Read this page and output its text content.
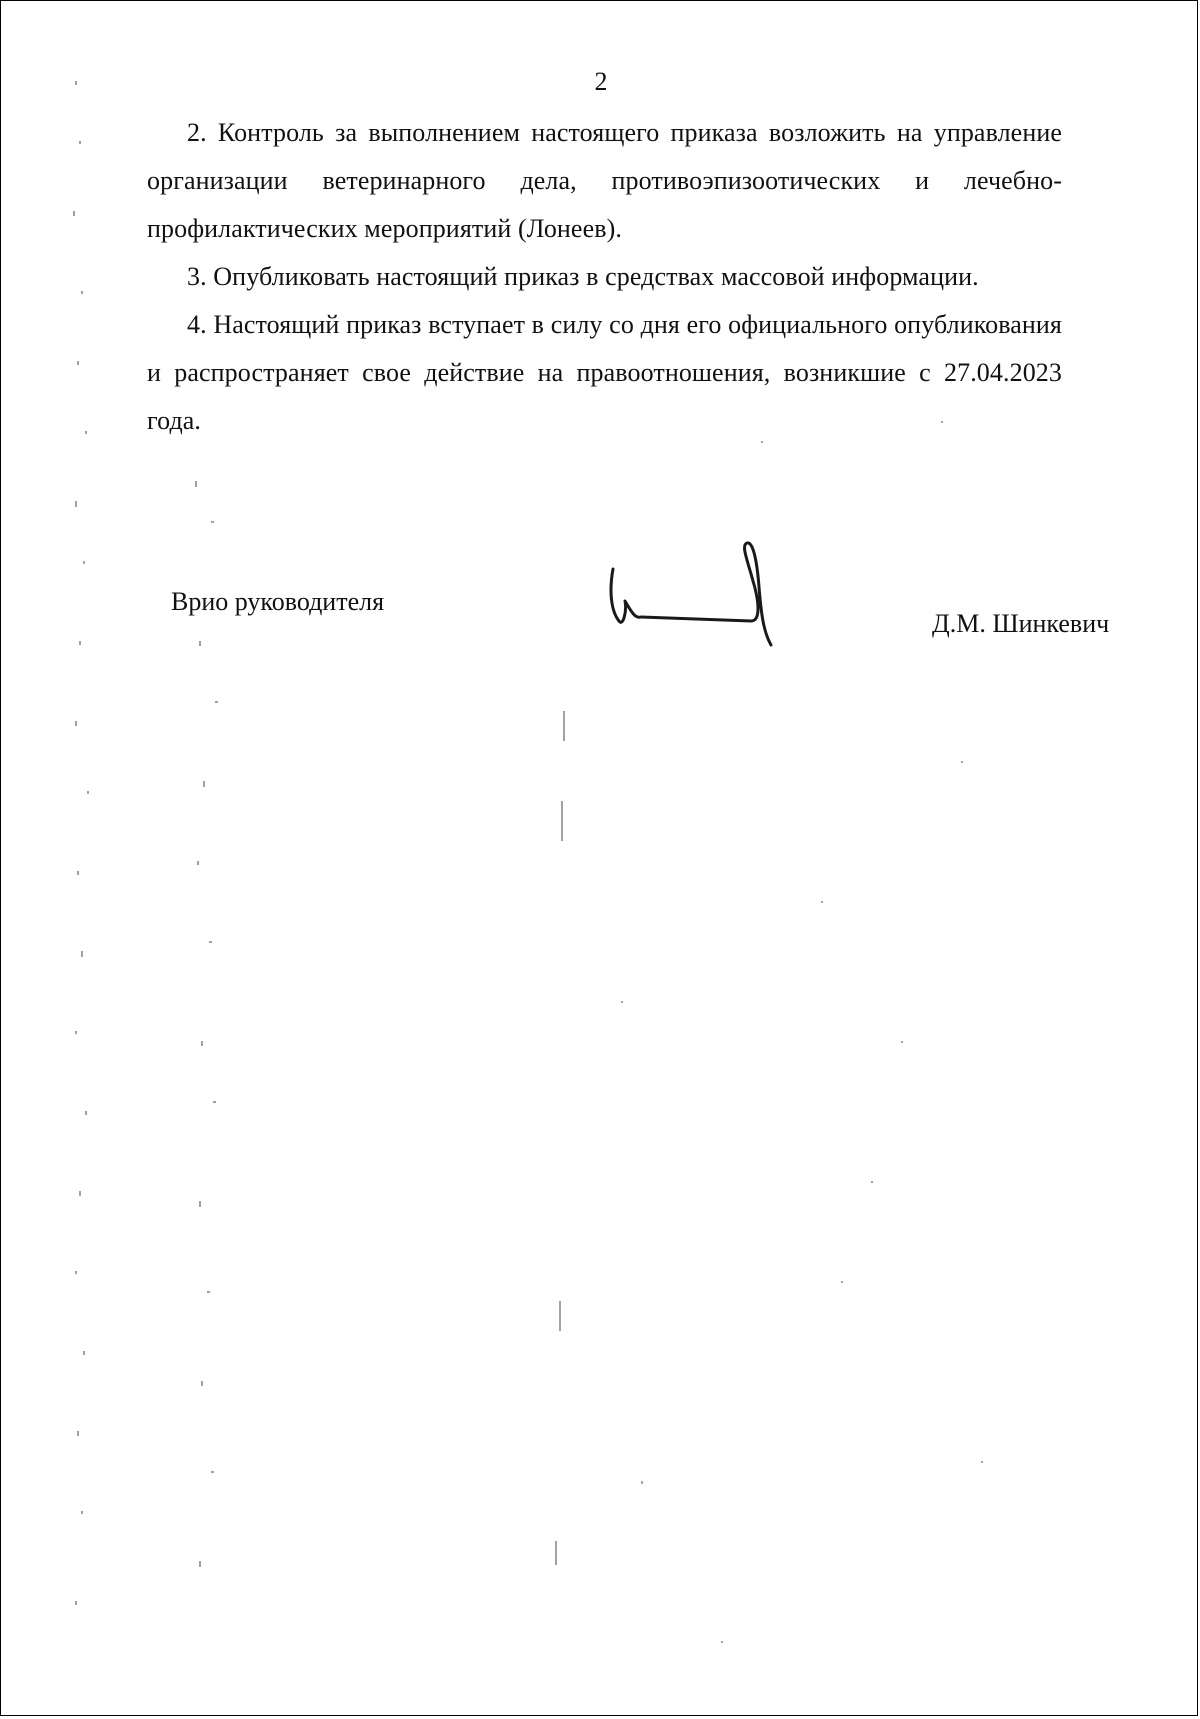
2

2. Контроль за выполнением настоящего приказа возложить на управление организации ветеринарного дела, противоэпизоотических и лечебно-профилактических мероприятий (Лонеев).

3. Опубликовать настоящий приказ в средствах массовой информации.

4. Настоящий приказ вступает в силу со дня его официального опубликования и распространяет свое действие на правоотношения, возникшие с 27.04.2023 года.

Врио руководителя
Д.М. Шинкевич
